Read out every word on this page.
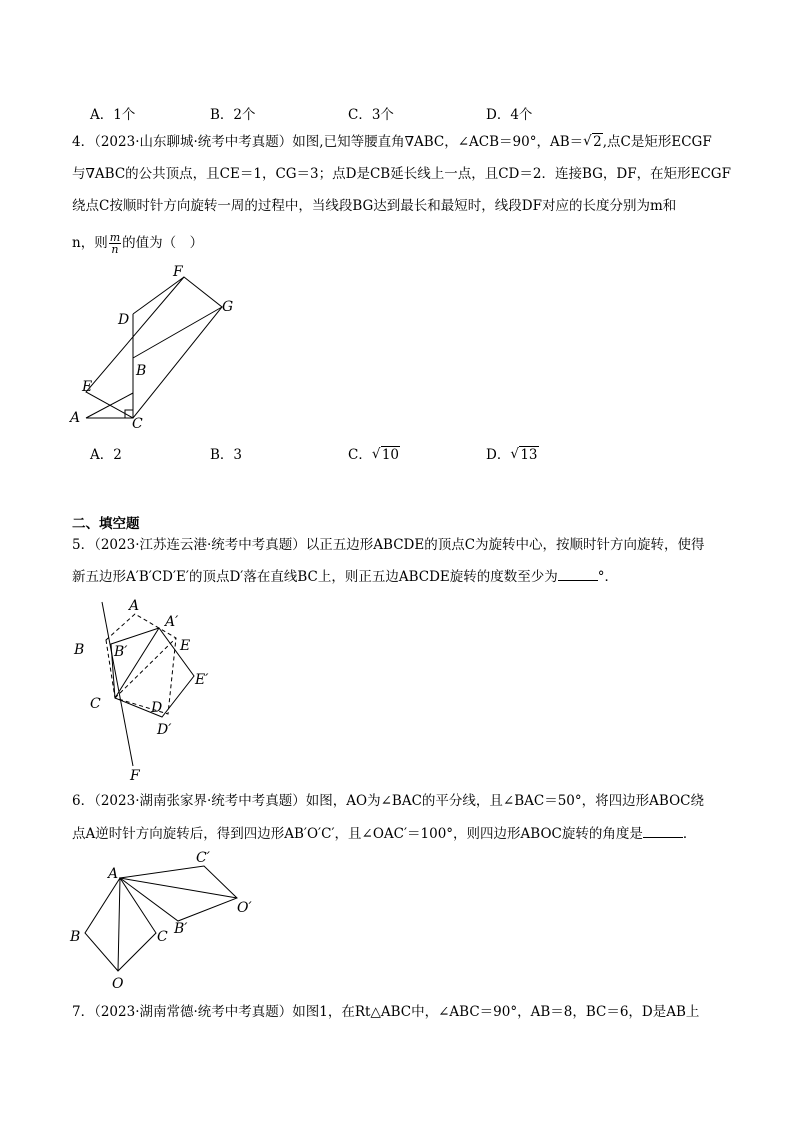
A．1个	B．2个	C．3个	D．4个
4．（2023·山东聊城·统考中考真题）如图,已知等腰直角∇ABC，∠ACB＝90°，AB＝ √ 2,点C是矩形ECGF
与∇ABC的公共顶点，且CE＝1，CG＝3；点D是CB延长线上一点，且CD＝2．连接BG，DF，在矩形ECGF
绕点C按顺时针方向旋转一周的过程中，当线段BG达到最长和最短时，线段DF对应的长度分别为m和
n，则 $\frac{m}{n}$ 的值为（　）
F
G
D
B
E
A	C
A．2	B．3	C． √ 10	D． √ 13
二、填空题
5．（2023·江苏连云港·统考中考真题）以正五边形ABCDE的顶点C为旋转中心，按顺时针方向旋转，使得
新五边形A′B′CD′E′的顶点D′落在直线BC上，则正五边ABCDE旋转的度数至少为	°．
A
A′
B B′	E
E′
C	D
D′
F
6．（2023·湖南张家界·统考中考真题）如图，AO为∠BAC的平分线，且∠BAC＝50°，将四边形ABOC绕
点A逆时针方向旋转后，得到四边形AB′O′C′，且∠OAC′＝100°，则四边形ABOC旋转的角度是	．
A
C′
O′
B′
B	C
O
7．（2023·湖南常德·统考中考真题）如图1，在Rt△ABC中，∠ABC＝90°，AB＝8，BC＝6，D是AB上
